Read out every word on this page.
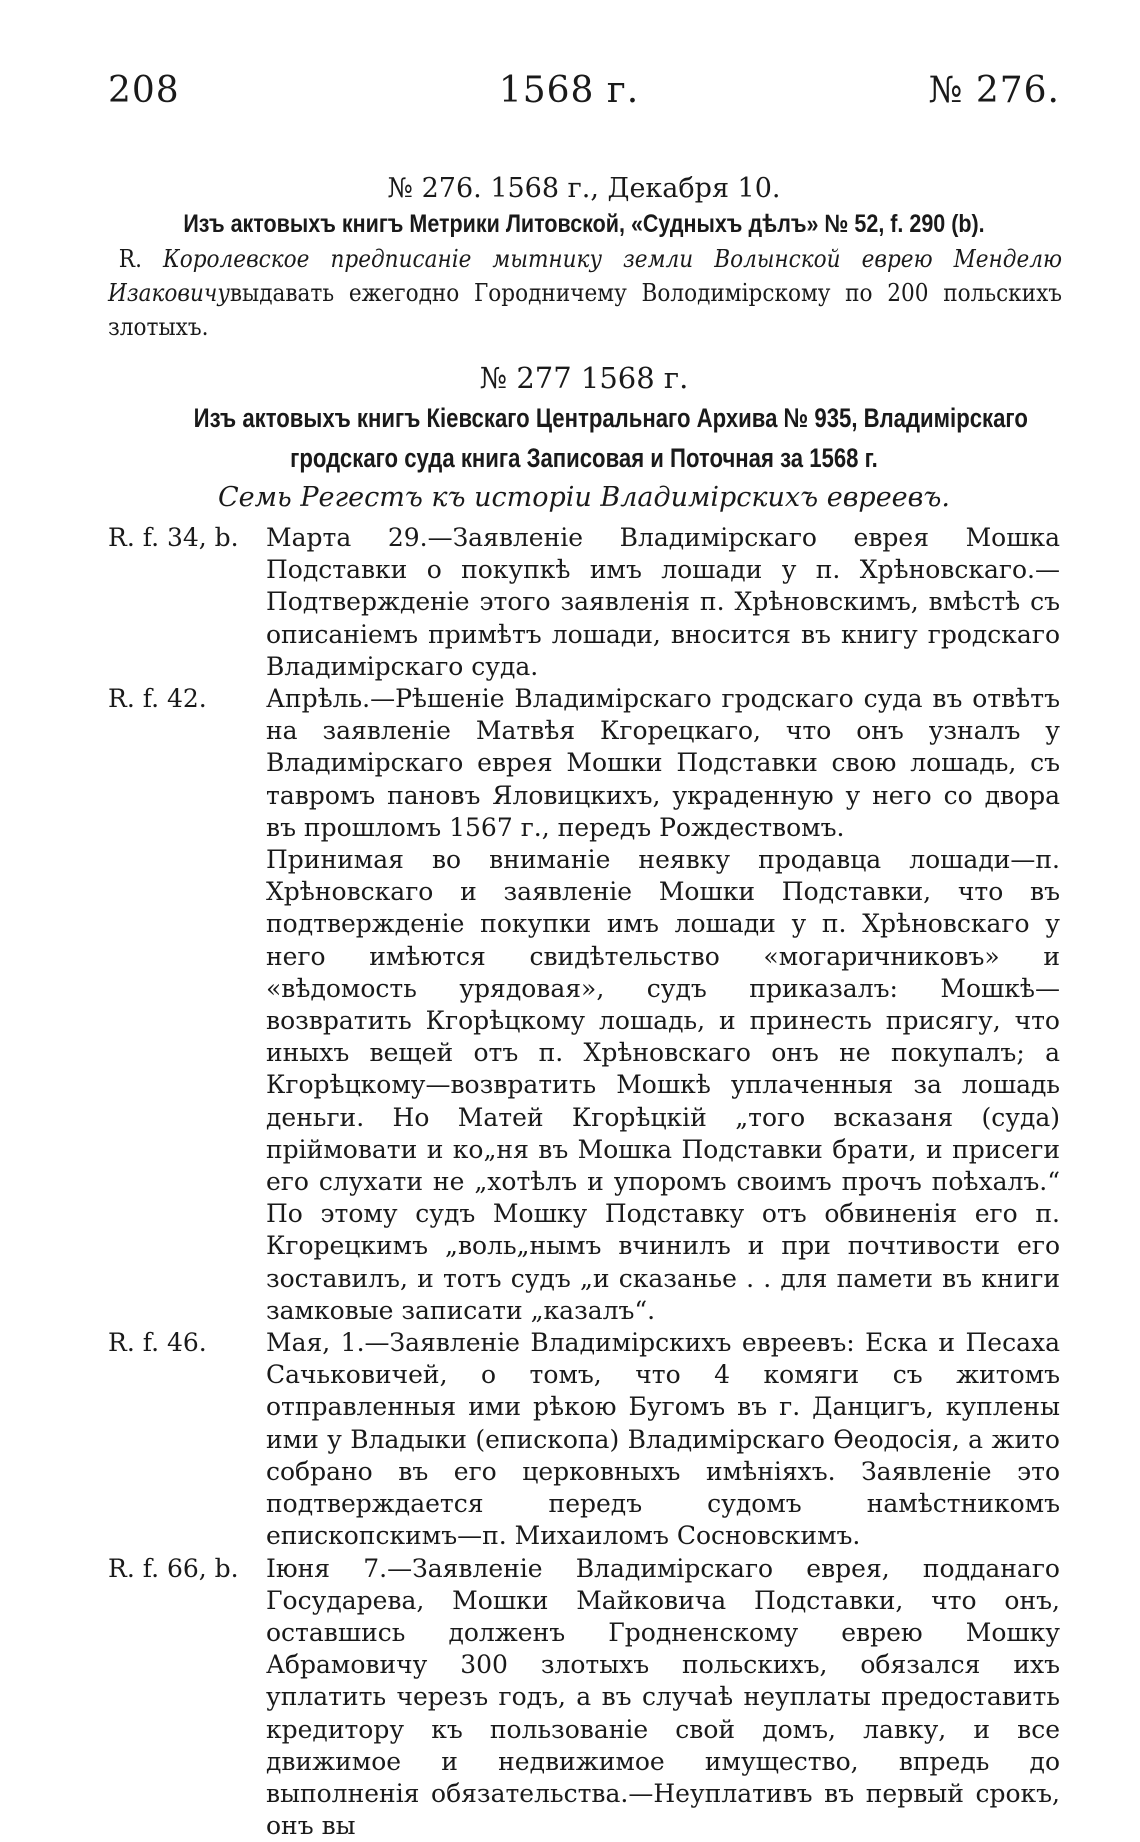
208	1568 г.	№ 276.
№ 276. 1568 г., Декабря 10.
Изъ актовыхъ книгъ Метрики Литовской, «Судныхъ дѣлъ» № 52, f. 290 (b).
R. Королевское предписаніе мытнику земли Волынской еврею Менделю Изаковичувыдавать ежегодно Городничему Володимірскому по 200 польскихъ злотыхъ.
№ 277 1568 г.
Изъ актовыхъ книгъ Кіевскаго Центральнаго Архива № 935, Владимірскаго
гродскаго суда книга Записовая и Поточная за 1568 г.
Семь Регестъ къ исторіи Владимірскихъ евреевъ.
R. f. 34, b.	Марта 29.—Заявленіе Владимірскаго еврея Мошка Подставки о покупкѣ имъ лошади у п. Хрѣновскаго.—Подтвержденіе этого заявленія п. Хрѣновскимъ, вмѣстѣ съ описаніемъ примѣтъ лошади, вносится въ книгу гродскаго Владимірскаго суда.

R. f. 42.	Апрѣль.—Рѣшеніе Владимірскаго гродскаго суда въ отвѣтъ на заявленіе Матвѣя Кгорецкаго, что онъ узналъ у Владимірскаго еврея Мошки Подставки свою лошадь, съ тавромъ пановъ Яловицкихъ, украденную у него со двора въ прошломъ 1567 г., передъ Рождествомъ.

Принимая во вниманіе неявку продавца лошади—п. Хрѣновскаго и заявленіе Мошки Подставки, что въ подтвержденіе покупки имъ лошади у п. Хрѣновскаго у него имѣются свидѣтельство «могаричниковъ» и «вѣдомость урядовая», судъ приказалъ: Мошкѣ—возвратить Кгорѣцкому лошадь, и принесть присягу, что иныхъ вещей отъ п. Хрѣновскаго онъ не покупалъ; а Кгорѣцкому—возвратить Мошкѣ уплаченныя за лошадь деньги. Но Матей Кгорѣцкій „того всказаня (суда) пріймовати и ко„ня въ Мошка Подставки брати, и присеги его слухати не „хотѣлъ и упоромъ своимъ прочъ поѣхалъ.“ По этому судъ Мошку Подставку отъ обвиненія его п. Кгорецкимъ „воль„нымъ вчинилъ и при почтивости его зоставилъ, и тотъ судъ „и сказанье . . для памети въ книги замковые записати „казалъ“.

R. f. 46.	Мая, 1.—Заявленіе Владимірскихъ евреевъ: Еска и Песаха Сачьковичей, о томъ, что 4 комяги съ житомъ отправленныя ими рѣкою Бугомъ въ г. Данцигъ, куплены ими у Владыки (епископа) Владимірскаго Ѳеодосія, а жито собрано въ его церковныхъ имѣніяхъ. Заявленіе это подтверждается передъ судомъ намѣстникомъ епископскимъ—п. Михаиломъ Сосновскимъ.

R. f. 66, b.	Іюня 7.—Заявленіе Владимірскаго еврея, подданаго Государева, Мошки Майковича Подставки, что онъ, оставшись долженъ Гродненскому еврею Мошку Абрамовичу 300 злотыхъ польскихъ, обязался ихъ уплатить черезъ годъ, а въ случаѣ неуплаты предоставить кредитору къ пользованіе свой домъ, лавку, и все движимое и недвижимое имущество, впредь до выполненія обязательства.—Неуплативъ въ первый срокъ, онъ вы
